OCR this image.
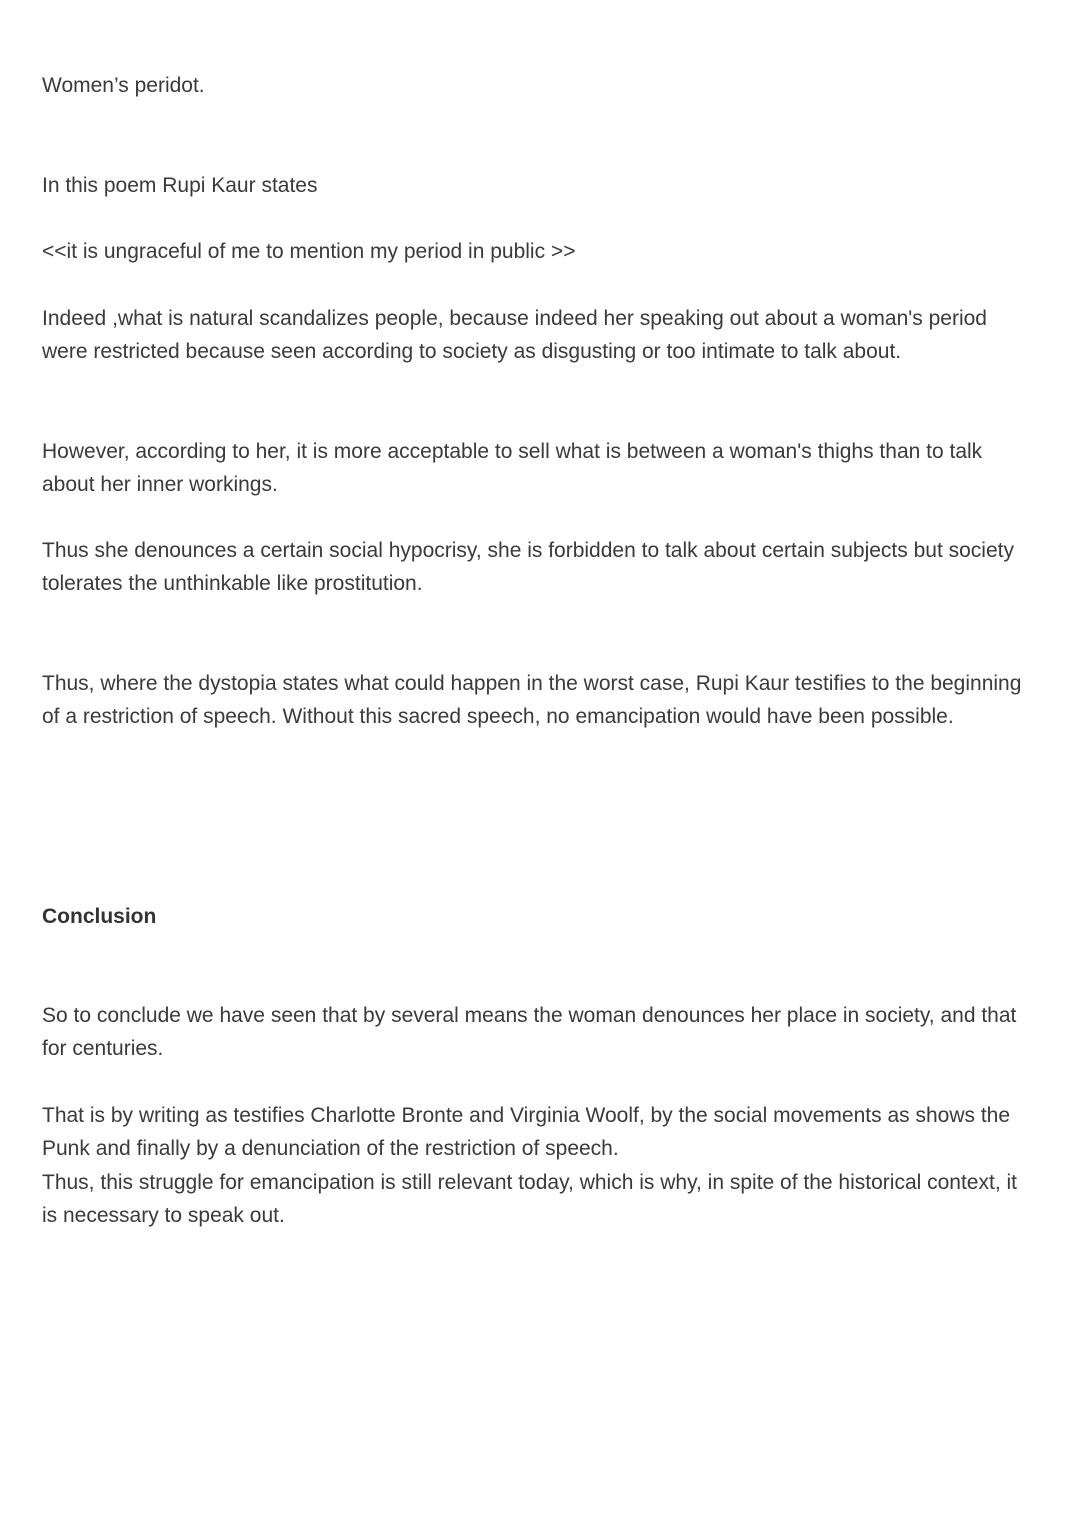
Women’s peridot.

In this poem Rupi Kaur states

<<it is ungraceful of me to mention my period in public >>

Indeed ,what is natural scandalizes people, because indeed her speaking out about a woman's period were restricted because seen according to society as disgusting or too intimate to talk about.

However, according to her, it is more acceptable to sell what is between a woman's thighs than to talk about her inner workings.

Thus she denounces a certain social hypocrisy, she is forbidden to talk about certain subjects but society tolerates the unthinkable like prostitution.

Thus, where the dystopia states what could happen in the worst case, Rupi Kaur testifies to the beginning of a restriction of speech. Without this sacred speech, no emancipation would have been possible.

Conclusion

So to conclude we have seen that by several means the woman denounces her place in society, and that for centuries.

That is by writing as testifies Charlotte Bronte and Virginia Woolf, by the social movements as shows the Punk and finally by a denunciation of the restriction of speech.

Thus, this struggle for emancipation is still relevant today, which is why, in spite of the historical context, it is necessary to speak out.
